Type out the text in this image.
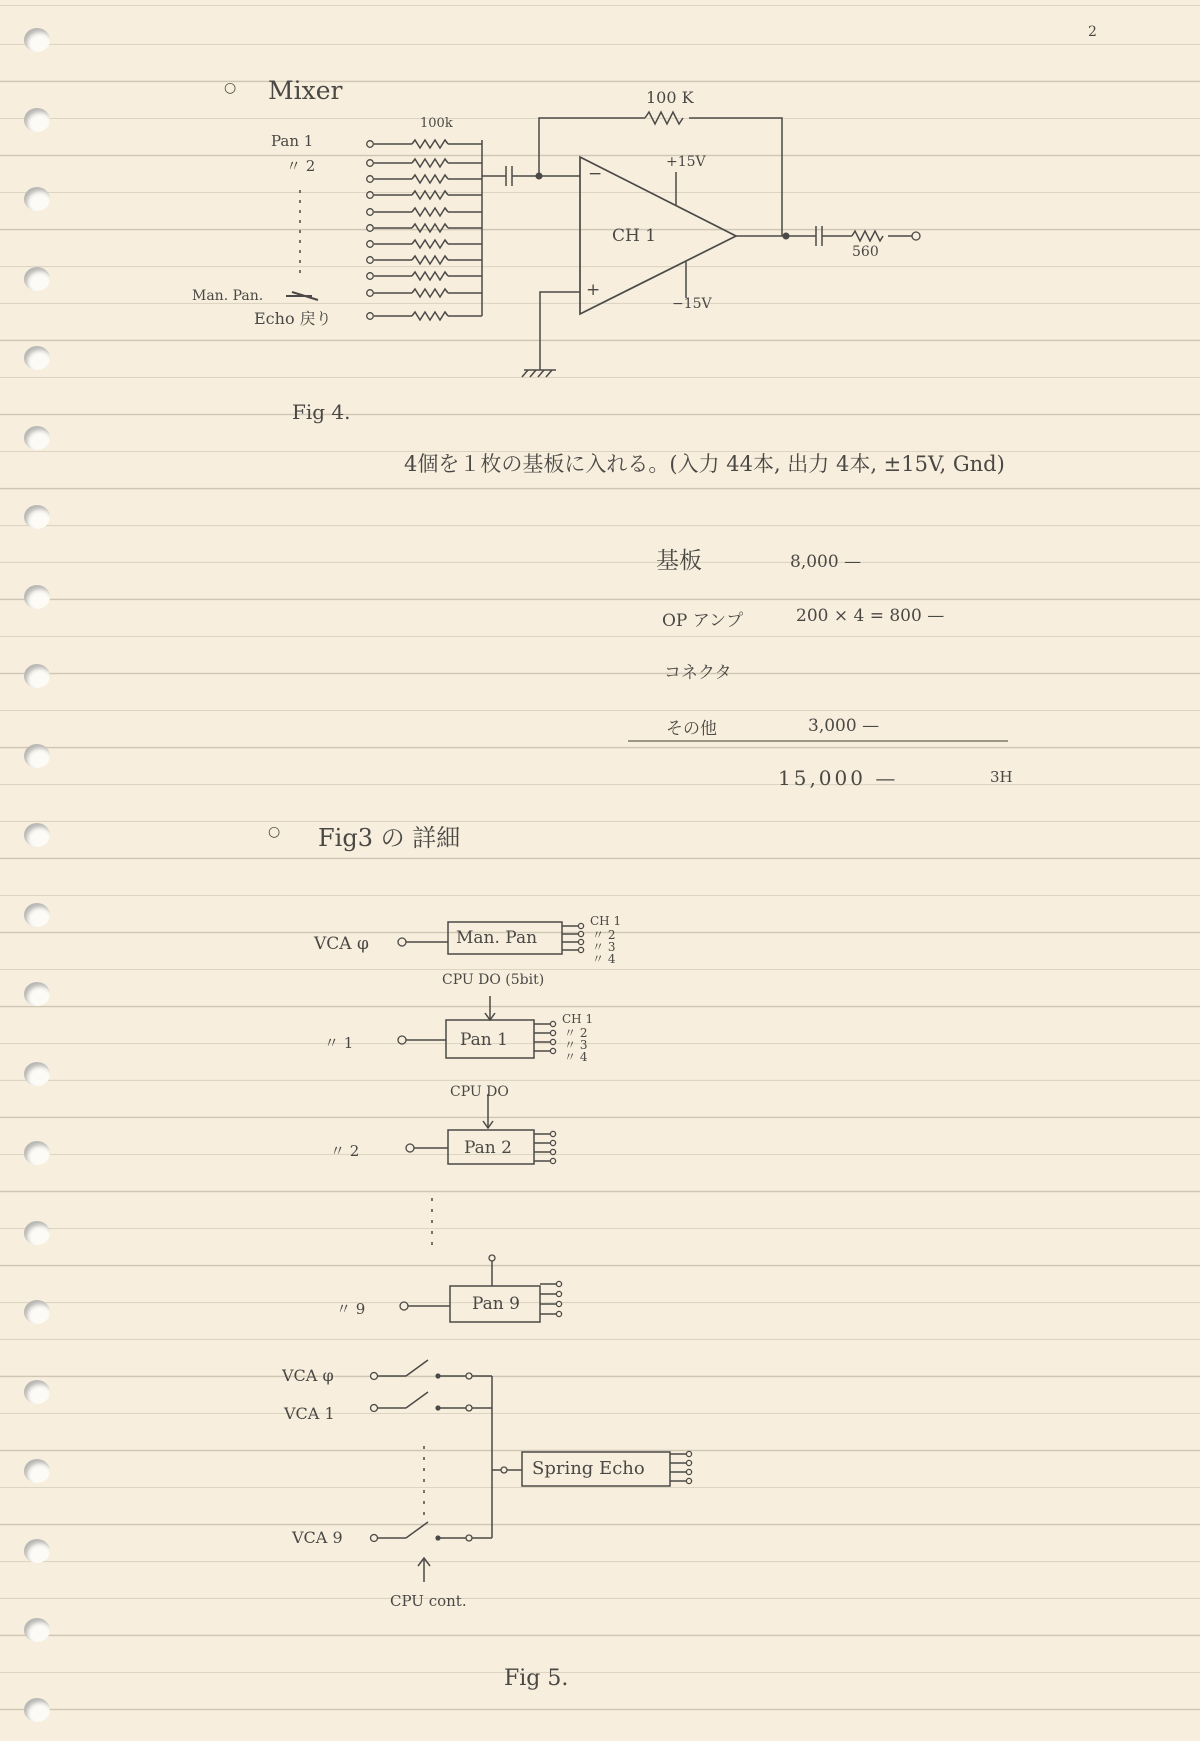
2
○ Mixer
Pan 1
〃 2
Man. Pan.
Echo 戻り
100k
100 K
+15V
−15V
−
+
CH 1
560
Fig 4.
4個を１枚の基板に入れる。(入力 44本, 出力 4本, ±15V, Gnd)
基板	8,000 —
OP アンプ	200 × 4 = 800 —
コネクタ
その他	3,000 —
15,000 —	3H
○ Fig3 の 詳細
VCA φ	Man. Pan
CH 1
〃 2
〃 3
〃 4
CPU DO (5bit)
〃 1	Pan 1
CH 1
〃 2
〃 3
〃 4
CPU DO
〃 2	Pan 2
〃 9	Pan 9
VCA φ
VCA 1
VCA 9
Spring Echo
CPU cont.
Fig 5.
